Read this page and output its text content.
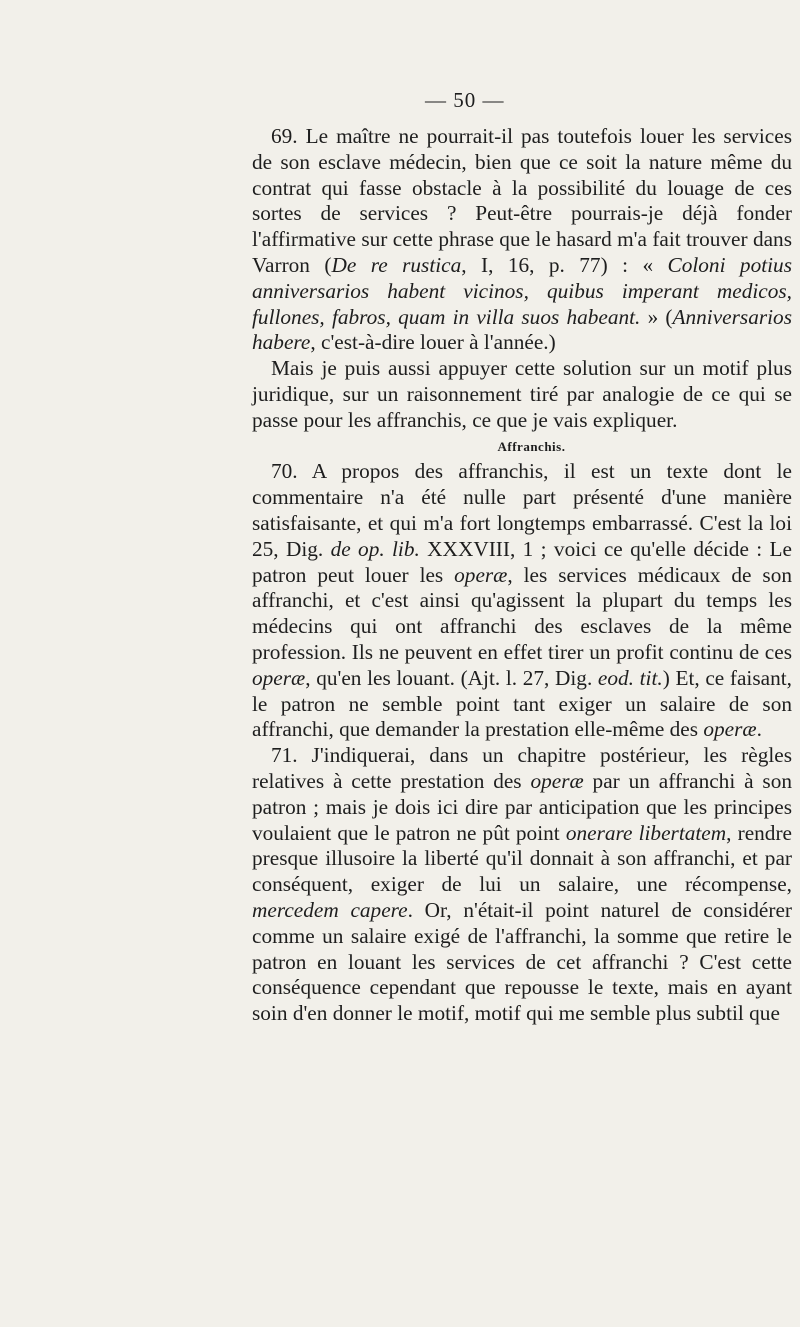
— 50 —

69. Le maître ne pourrait-il pas toutefois louer les services de son esclave médecin, bien que ce soit la nature même du contrat qui fasse obstacle à la possibilité du louage de ces sortes de services ? Peut-être pourrais-je déjà fonder l'affirmative sur cette phrase que le hasard m'a fait trouver dans Varron (De re rustica, I, 16, p. 77) : « Coloni potius anniversarios habent vicinos, quibus imperant medicos, fullones, fabros, quam in villa suos habeant. » (Anniversarios habere, c'est-à-dire louer à l'année.)

Mais je puis aussi appuyer cette solution sur un motif plus juridique, sur un raisonnement tiré par analogie de ce qui se passe pour les affranchis, ce que je vais expliquer.

Affranchis.

70. A propos des affranchis, il est un texte dont le commentaire n'a été nulle part présenté d'une manière satisfaisante, et qui m'a fort longtemps embarrassé. C'est la loi 25, Dig. de op. lib. XXXVIII, 1 ; voici ce qu'elle décide : Le patron peut louer les operæ, les services médicaux de son affranchi, et c'est ainsi qu'agissent la plupart du temps les médecins qui ont affranchi des esclaves de la même profession. Ils ne peuvent en effet tirer un profit continu de ces operæ, qu'en les louant. (Ajt. l. 27, Dig. eod. tit.) Et, ce faisant, le patron ne semble point tant exiger un salaire de son affranchi, que demander la prestation elle-même des operæ.

71. J'indiquerai, dans un chapitre postérieur, les règles relatives à cette prestation des operæ par un affranchi à son patron ; mais je dois ici dire par anticipation que les principes voulaient que le patron ne pût point onerare libertatem, rendre presque illusoire la liberté qu'il donnait à son affranchi, et par conséquent, exiger de lui un salaire, une récompense, mercedem capere. Or, n'était-il point naturel de considérer comme un salaire exigé de l'affranchi, la somme que retire le patron en louant les services de cet affranchi ? C'est cette conséquence cependant que repousse le texte, mais en ayant soin d'en donner le motif, motif qui me semble plus subtil que
